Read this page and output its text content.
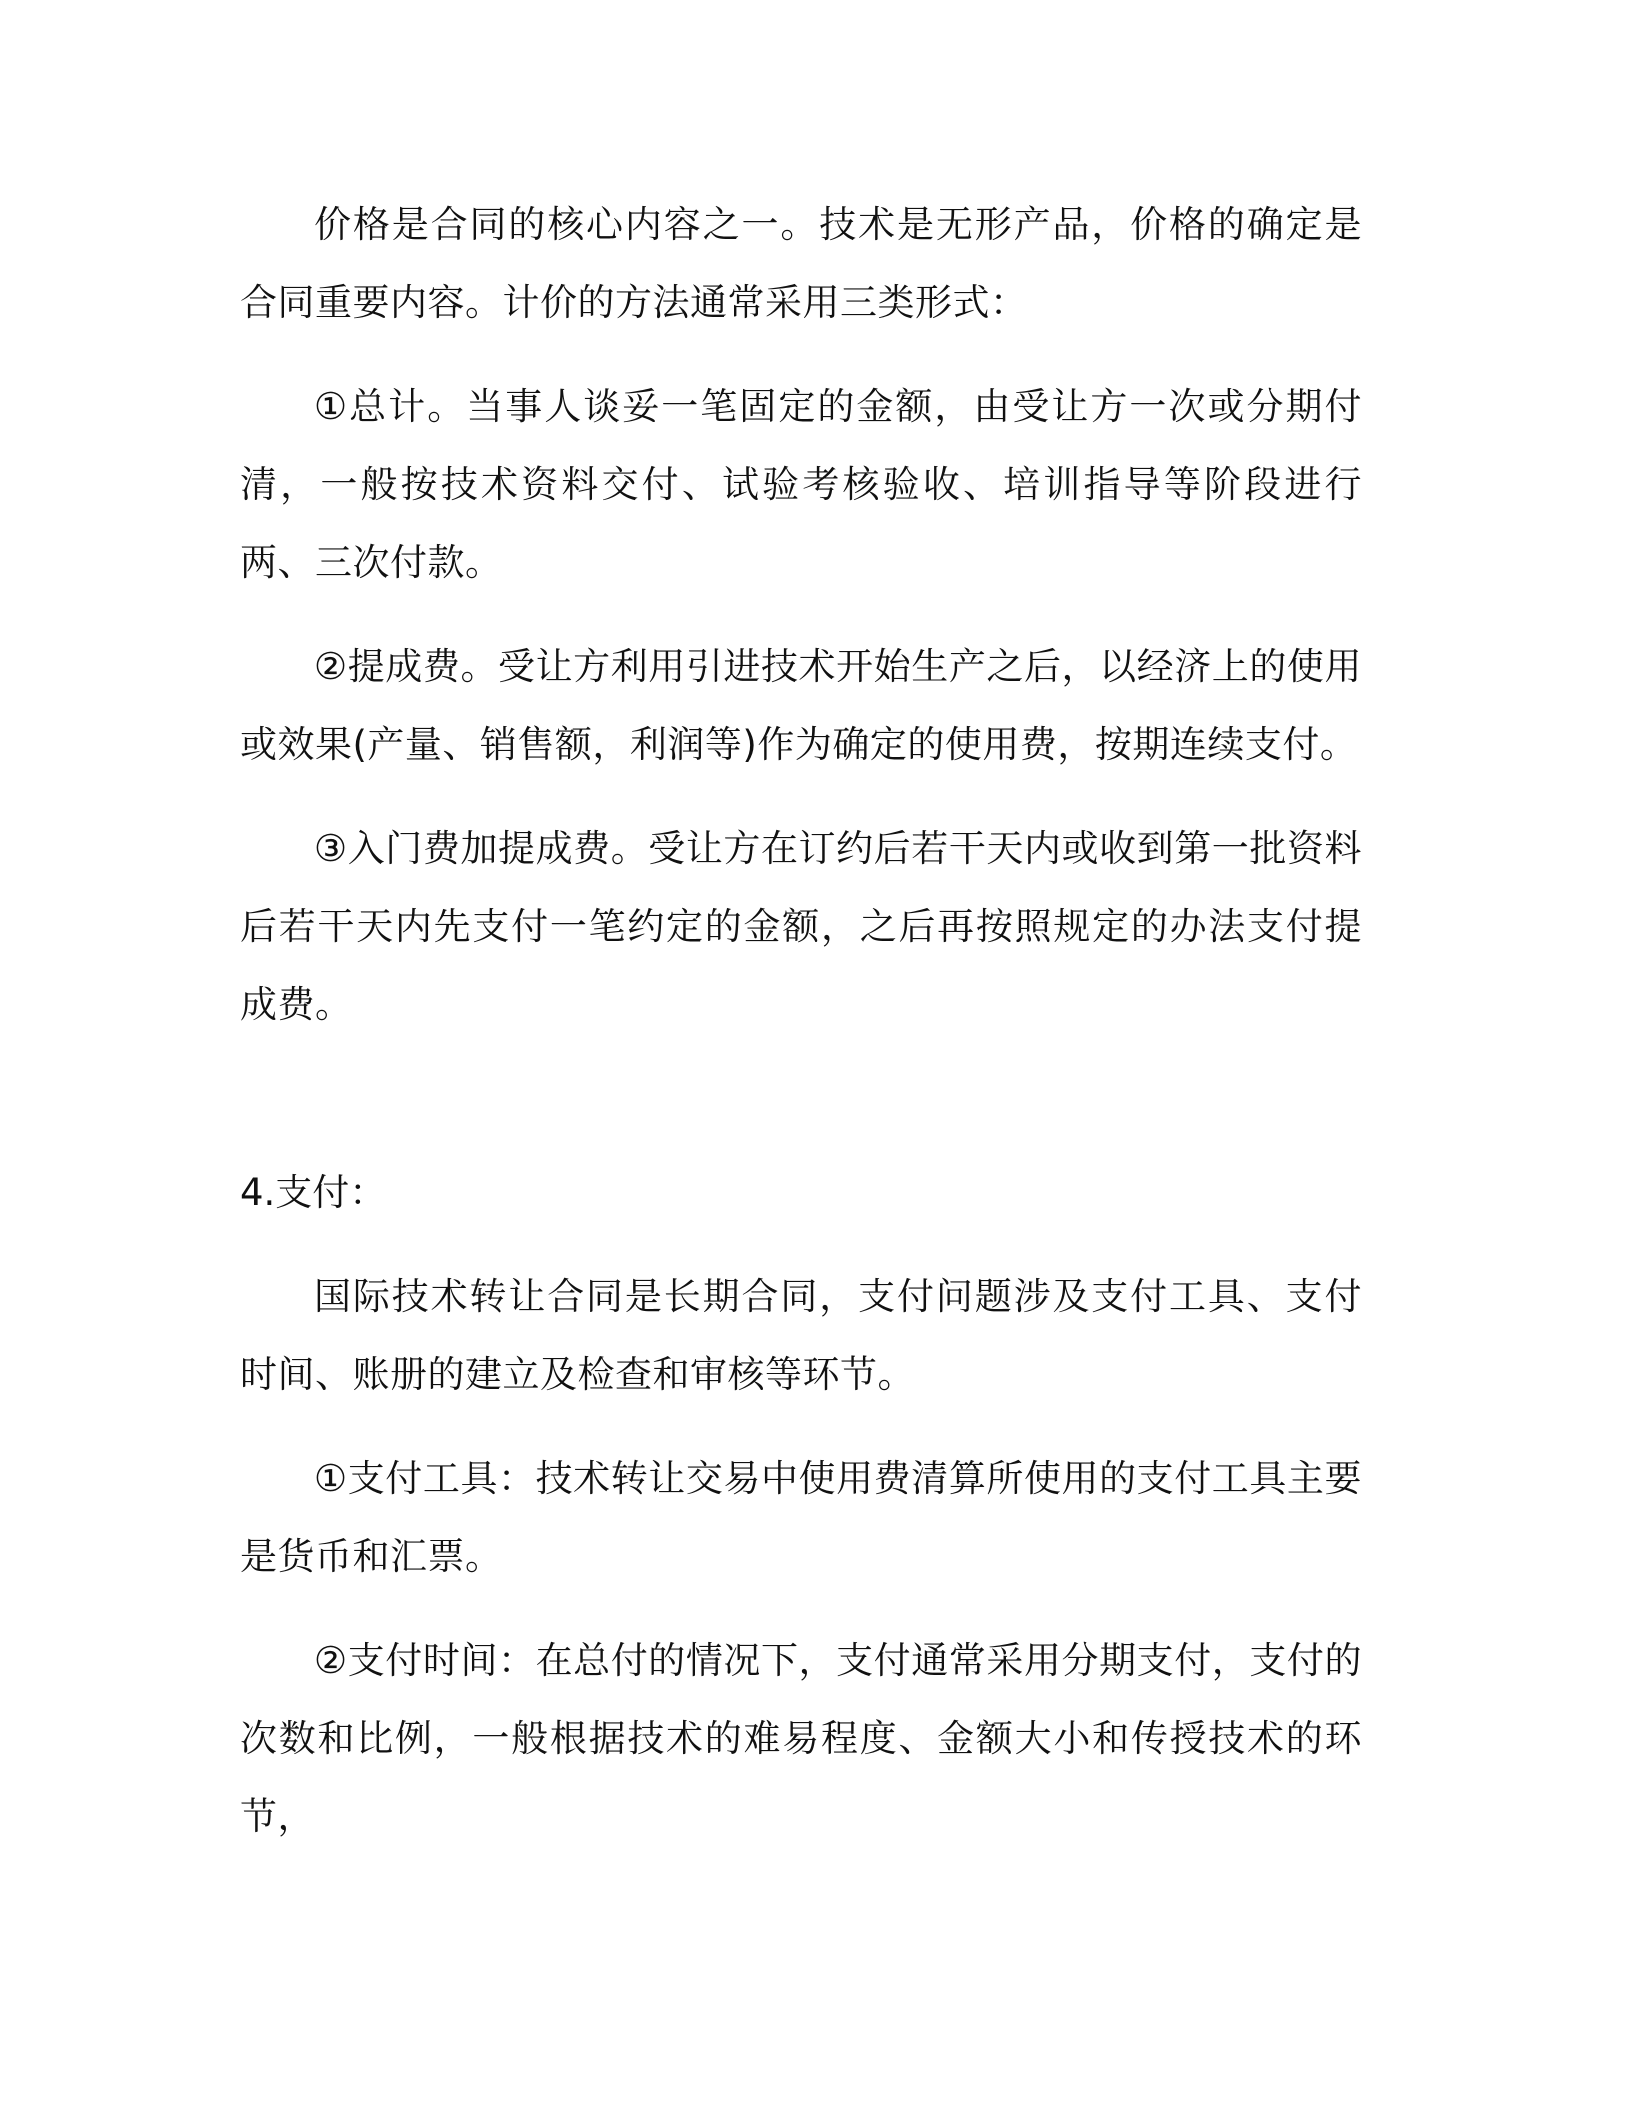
价格是合同的核心内容之一。技术是无形产品，价格的确定是合同重要内容。计价的方法通常采用三类形式：

①总计。当事人谈妥一笔固定的金额，由受让方一次或分期付清，一般按技术资料交付、试验考核验收、培训指导等阶段进行两、三次付款。

②提成费。受让方利用引进技术开始生产之后，以经济上的使用或效果(产量、销售额，利润等)作为确定的使用费，按期连续支付。

③入门费加提成费。受让方在订约后若干天内或收到第一批资料后若干天内先支付一笔约定的金额，之后再按照规定的办法支付提成费。

4.支付：

国际技术转让合同是长期合同，支付问题涉及支付工具、支付时间、账册的建立及检查和审核等环节。

①支付工具：技术转让交易中使用费清算所使用的支付工具主要是货币和汇票。

②支付时间：在总付的情况下，支付通常采用分期支付，支付的次数和比例，一般根据技术的难易程度、金额大小和传授技术的环节，
